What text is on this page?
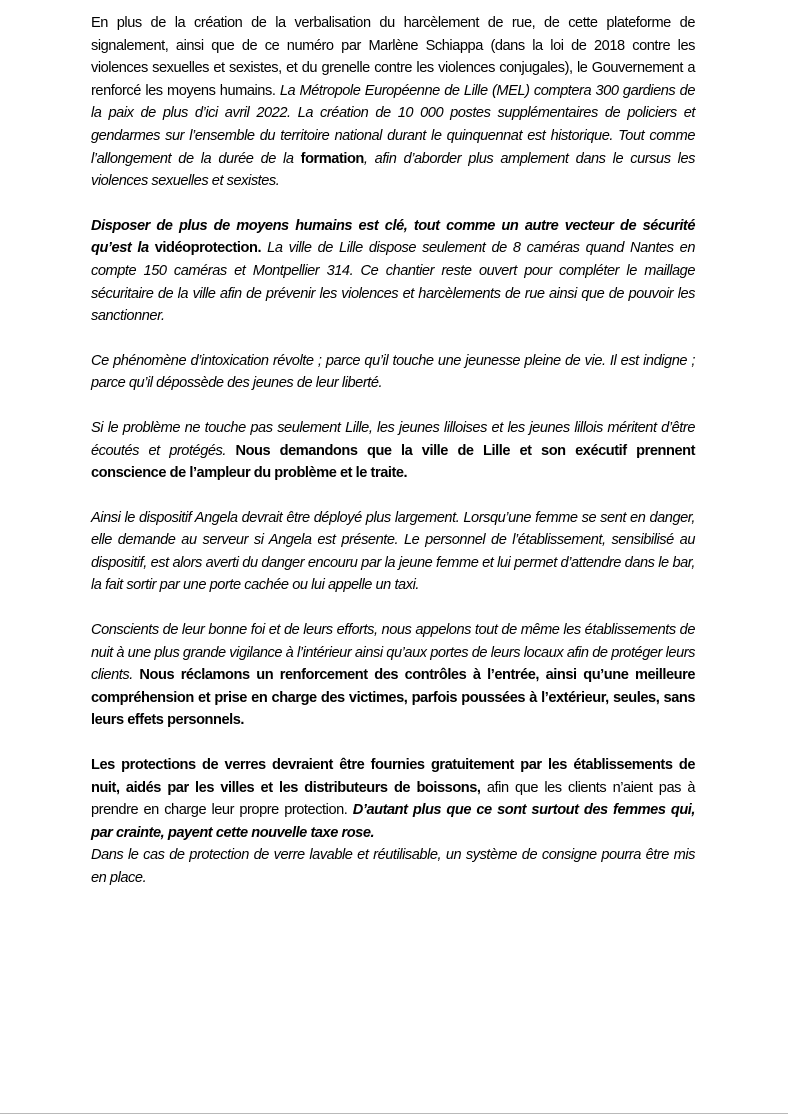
En plus de la création de la verbalisation du harcèlement de rue, de cette plateforme de signalement, ainsi que de ce numéro par Marlène Schiappa (dans la loi de 2018 contre les violences sexuelles et sexistes, et du grenelle contre les violences conjugales), le Gouvernement a renforcé les moyens humains. La Métropole Européenne de Lille (MEL) comptera 300 gardiens de la paix de plus d’ici avril 2022. La création de 10 000 postes supplémentaires de policiers et gendarmes sur l’ensemble du territoire national durant le quinquennat est historique. Tout comme l’allongement de la durée de la formation, afin d’aborder plus amplement dans le cursus les violences sexuelles et sexistes.

Disposer de plus de moyens humains est clé, tout comme un autre vecteur de sécurité qu’est la vidéoprotection. La ville de Lille dispose seulement de 8 caméras quand Nantes en compte 150 caméras et Montpellier 314. Ce chantier reste ouvert pour compléter le maillage sécuritaire de la ville afin de prévenir les violences et harcèlements de rue ainsi que de pouvoir les sanctionner.

Ce phénomène d’intoxication révolte ; parce qu’il touche une jeunesse pleine de vie. Il est indigne ; parce qu’il dépossède des jeunes de leur liberté.

Si le problème ne touche pas seulement Lille, les jeunes lilloises et les jeunes lillois méritent d’être écoutés et protégés. Nous demandons que la ville de Lille et son exécutif prennent conscience de l’ampleur du problème et le traite.

Ainsi le dispositif Angela devrait être déployé plus largement. Lorsqu’une femme se sent en danger, elle demande au serveur si Angela est présente. Le personnel de l’établissement, sensibilisé au dispositif, est alors averti du danger encouru par la jeune femme et lui permet d’attendre dans le bar, la fait sortir par une porte cachée ou lui appelle un taxi.

Conscients de leur bonne foi et de leurs efforts, nous appelons tout de même les établissements de nuit à une plus grande vigilance à l’intérieur ainsi qu’aux portes de leurs locaux afin de protéger leurs clients. Nous réclamons un renforcement des contrôles à l’entrée, ainsi qu’une meilleure compréhension et prise en charge des victimes, parfois poussées à l’extérieur, seules, sans leurs effets personnels.

Les protections de verres devraient être fournies gratuitement par les établissements de nuit, aidés par les villes et les distributeurs de boissons, afin que les clients n’aient pas à prendre en charge leur propre protection. D’autant plus que ce sont surtout des femmes qui, par crainte, payent cette nouvelle taxe rose.
Dans le cas de protection de verre lavable et réutilisable, un système de consigne pourra être mis en place.
